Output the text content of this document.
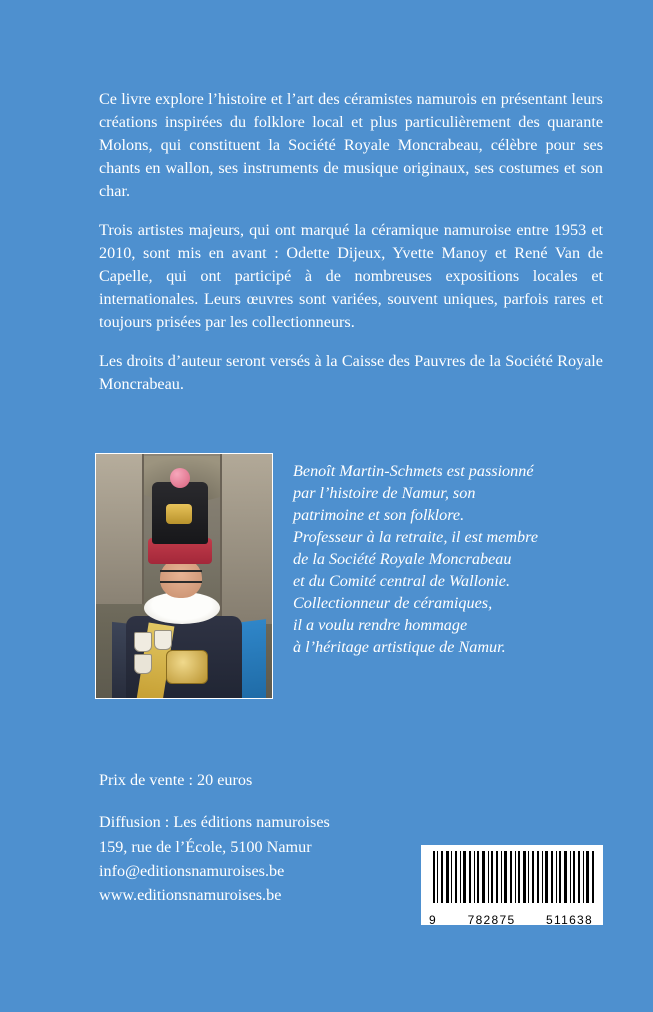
Ce livre explore l’histoire et l’art des céramistes namurois en présentant leurs créations inspirées du folklore local et plus particulièrement des quarante Molons, qui constituent la Société Royale Moncrabeau, célèbre pour ses chants en wallon, ses instruments de musique originaux, ses costumes et son char.

Trois artistes majeurs, qui ont marqué la céramique namuroise entre 1953 et 2010, sont mis en avant : Odette Dijeux, Yvette Manoy et René Van de Capelle, qui ont participé à de nombreuses expositions locales et internationales. Leurs œuvres sont variées, souvent uniques, parfois rares et toujours prisées par les collectionneurs.

Les droits d’auteur seront versés à la Caisse des Pauvres de la Société Royale Moncrabeau.

Benoît Martin-Schmets est passionné
par l’histoire de Namur, son
patrimoine et son folklore.
Professeur à la retraite, il est membre
de la Société Royale Moncrabeau
et du Comité central de Wallonie.
Collectionneur de céramiques,
il a voulu rendre hommage
à l’héritage artistique de Namur.
Prix de vente : 20 euros
Diffusion : Les éditions namuroises
159, rue de l’École, 5100 Namur
info@editionsnamuroises.be
www.editionsnamuroises.be
9	782875	511638
